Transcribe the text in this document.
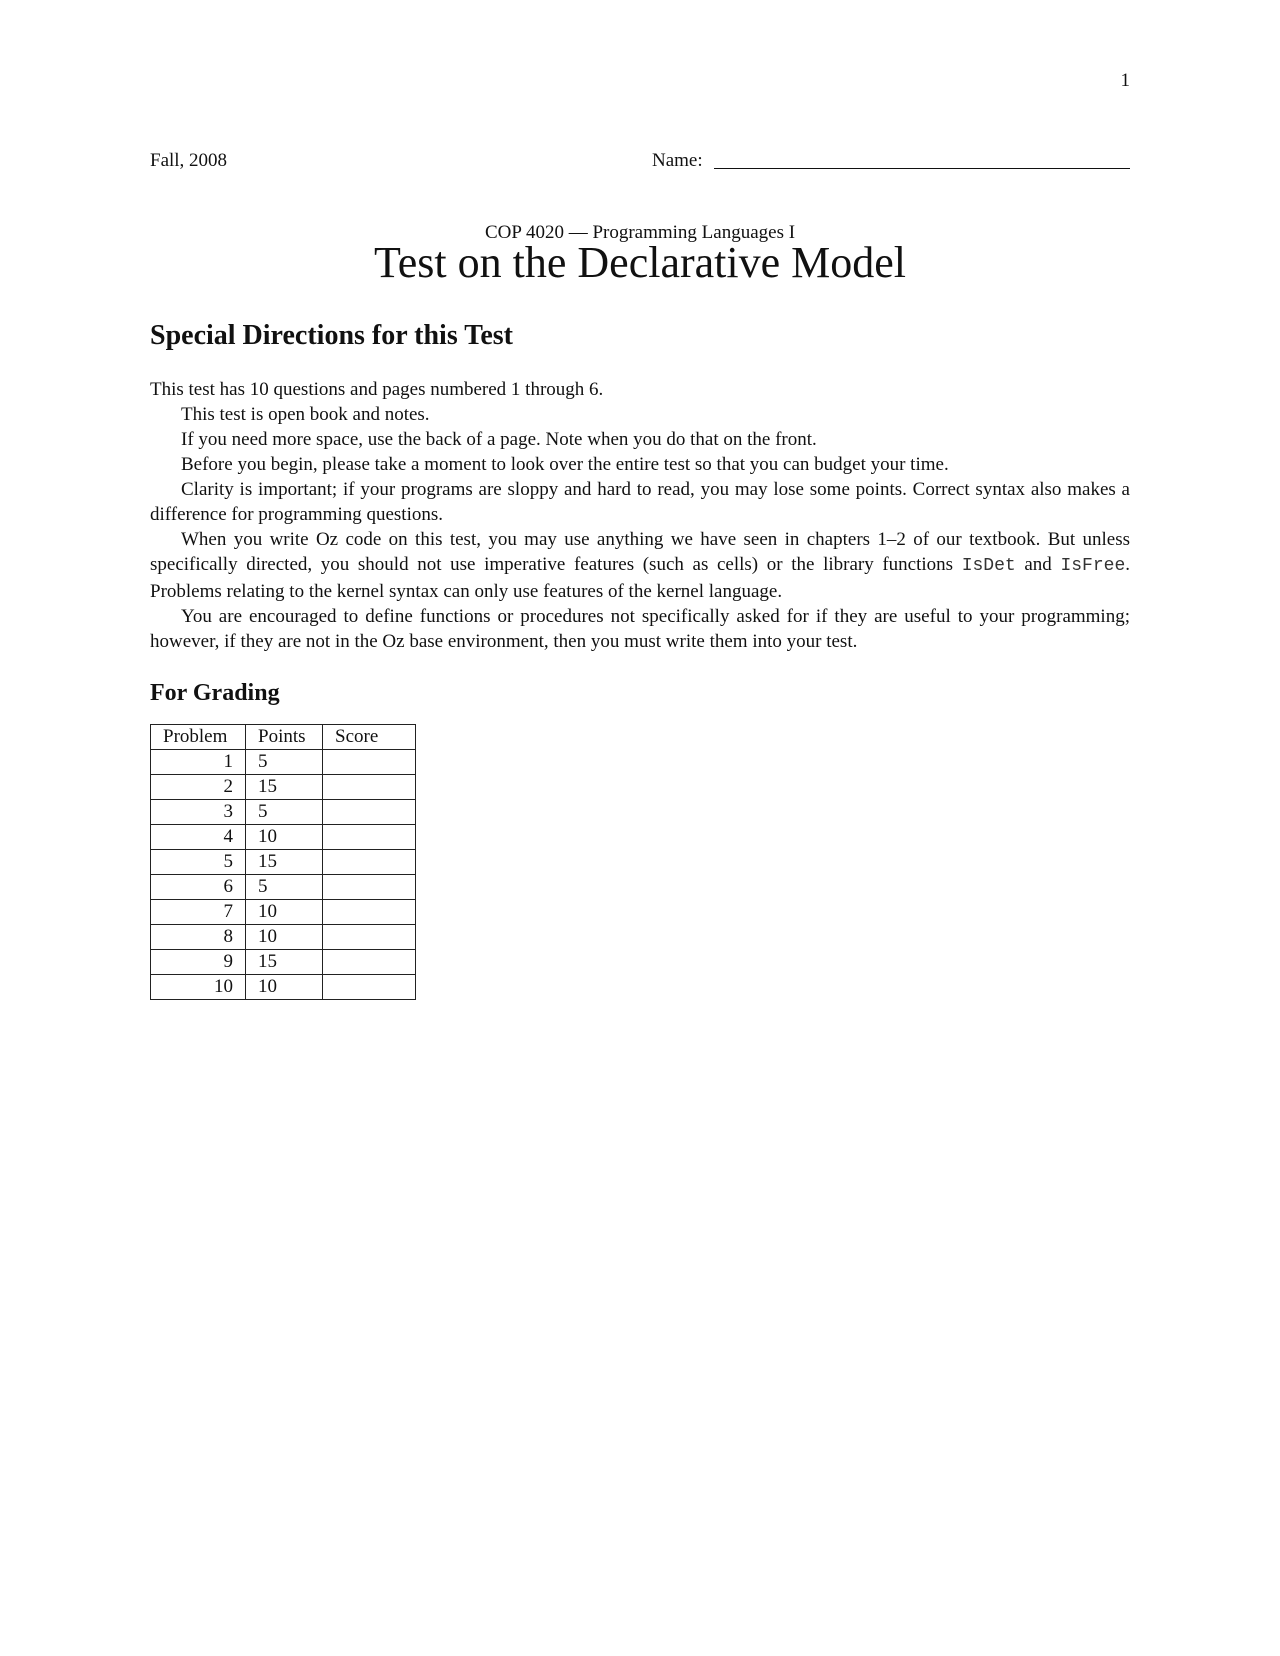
1
Fall, 2008	Name:
COP 4020 — Programming Languages I
Test on the Declarative Model
Special Directions for this Test

This test has 10 questions and pages numbered 1 through 6.

This test is open book and notes.

If you need more space, use the back of a page. Note when you do that on the front.

Before you begin, please take a moment to look over the entire test so that you can budget your time.

Clarity is important; if your programs are sloppy and hard to read, you may lose some points. Correct syntax also makes a difference for programming questions.

When you write Oz code on this test, you may use anything we have seen in chapters 1–2 of our textbook. But unless specifically directed, you should not use imperative features (such as cells) or the library functions IsDet and IsFree. Problems relating to the kernel syntax can only use features of the kernel language.

You are encouraged to define functions or procedures not specifically asked for if they are useful to your programming; however, if they are not in the Oz base environment, then you must write them into your test.

For Grading
Problem	Points	Score
1	5	
2	15	
3	5	
4	10	
5	15	
6	5	
7	10	
8	10	
9	15	
10	10	
